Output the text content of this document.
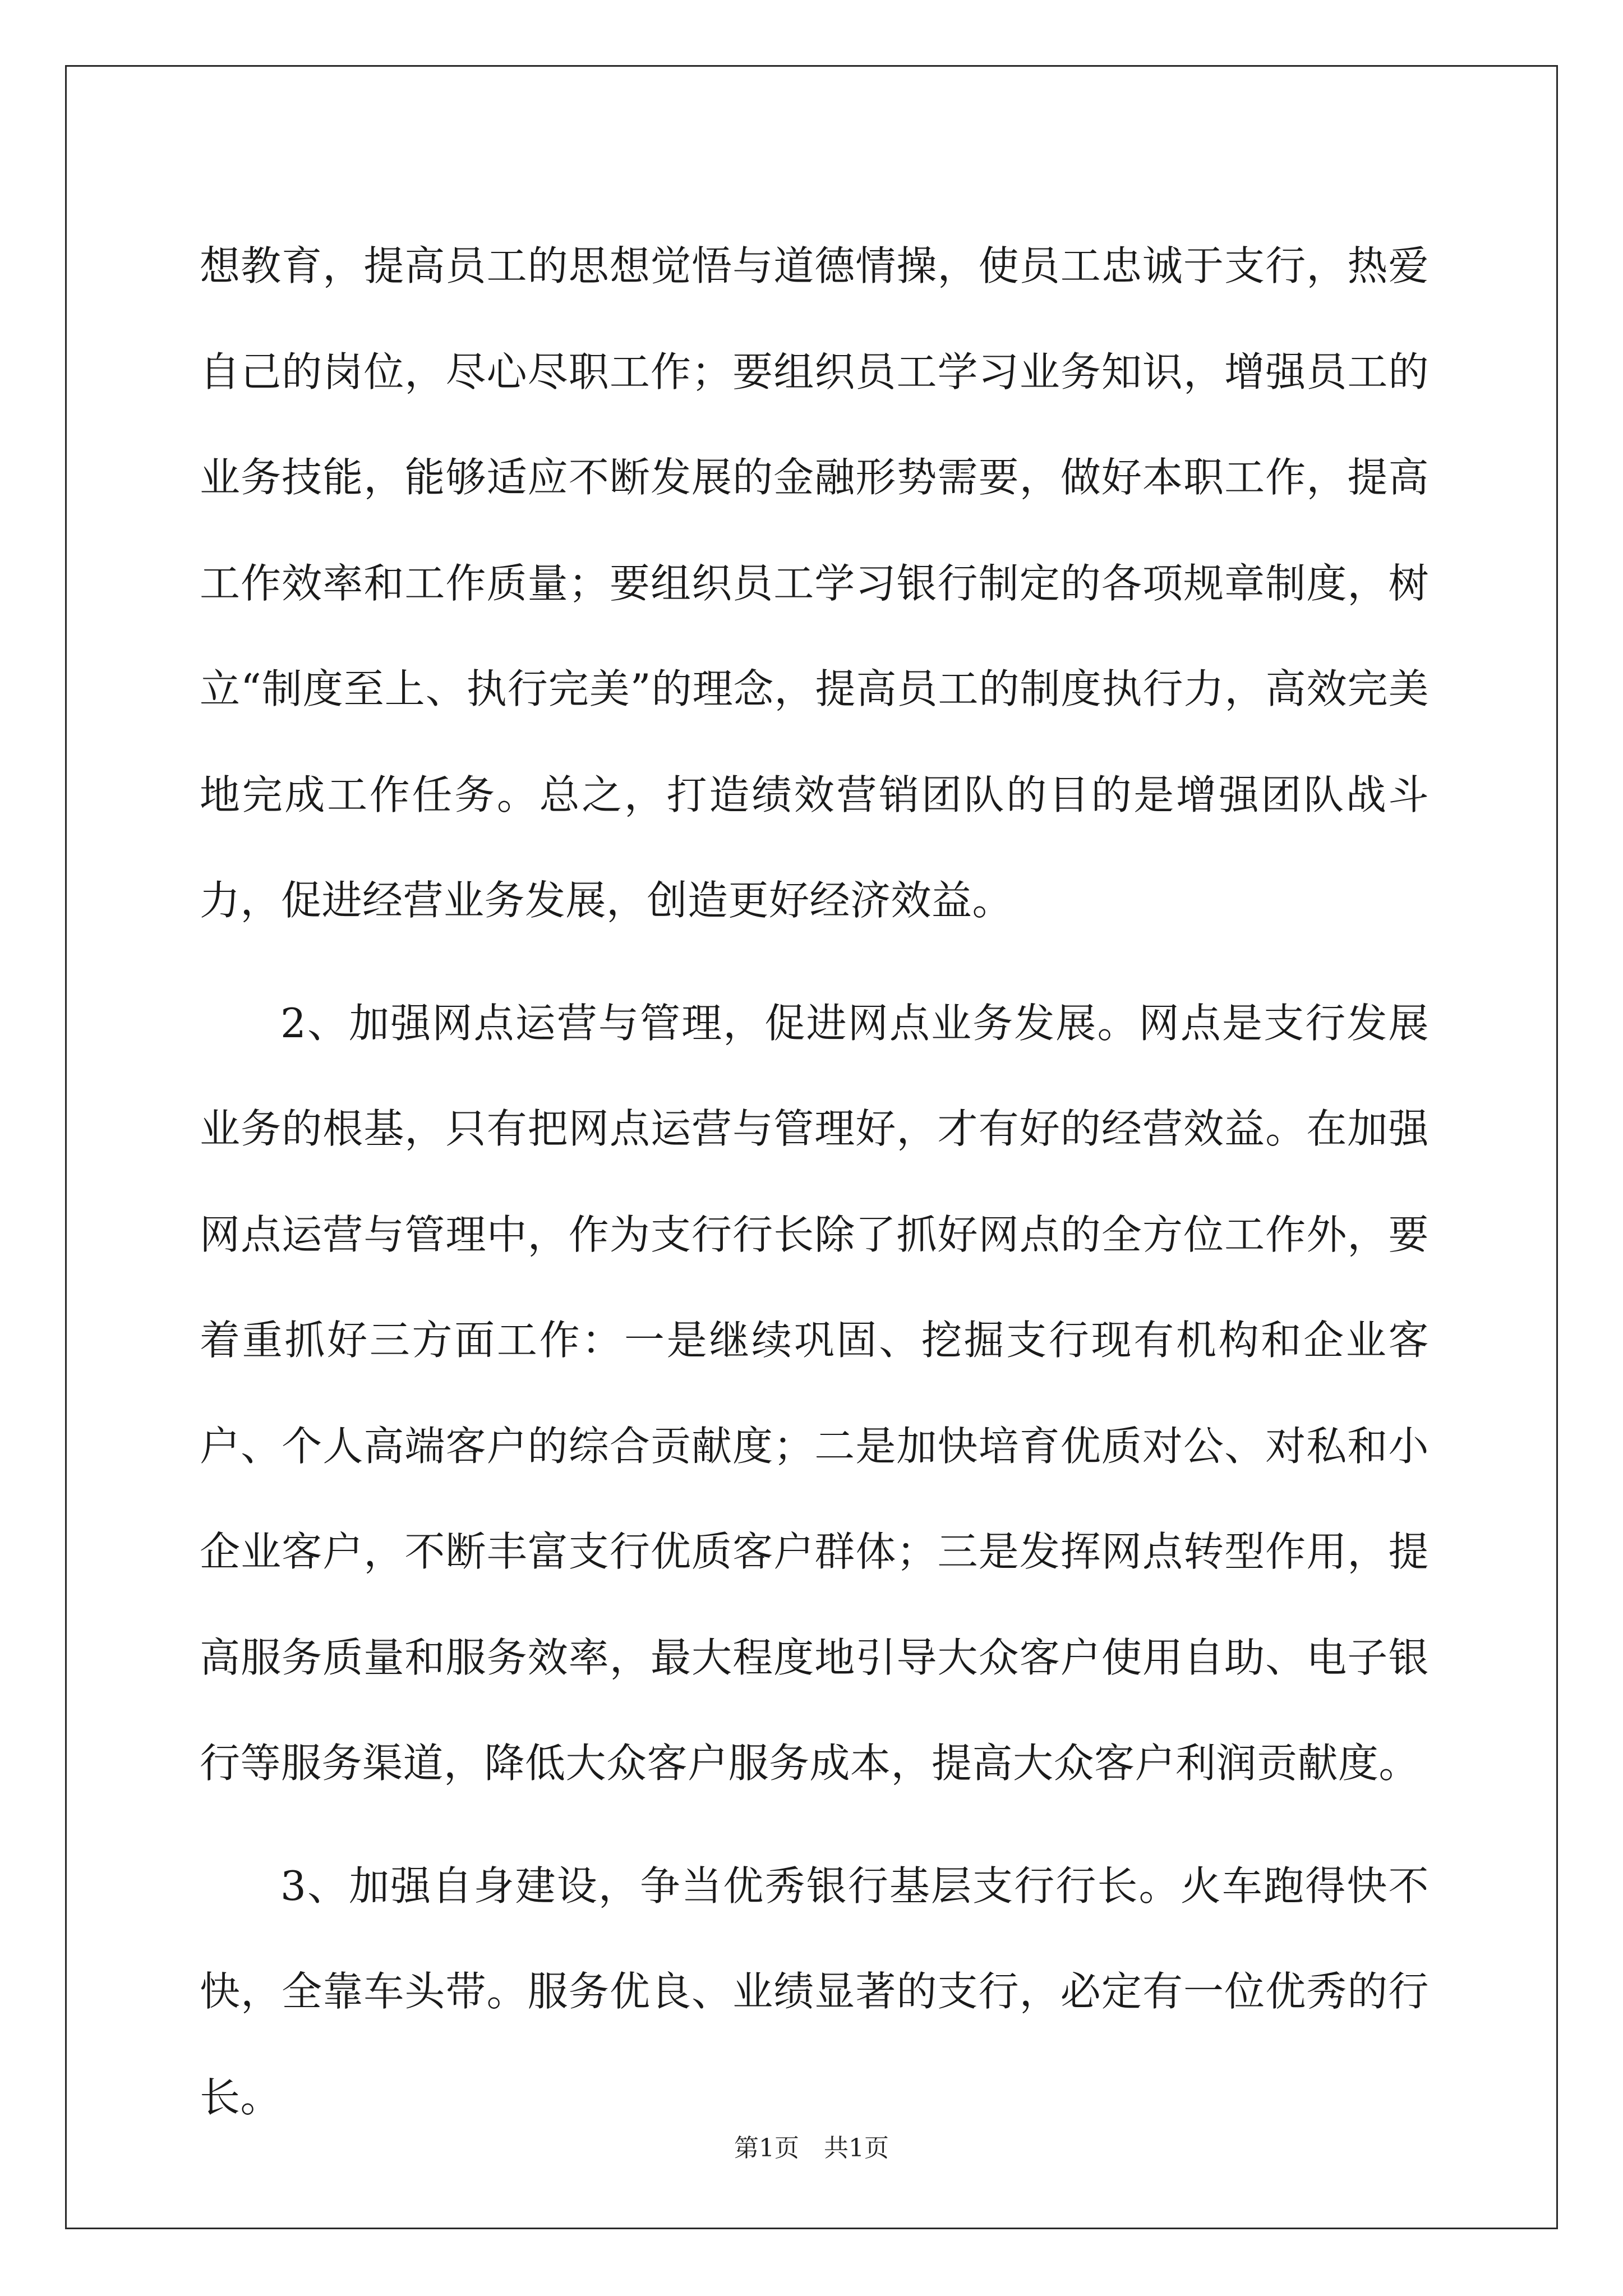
想教育，提高员工的思想觉悟与道德情操，使员工忠诚于支行，热爱自己的岗位，尽心尽职工作；要组织员工学习业务知识，增强员工的业务技能，能够适应不断发展的金融形势需要，做好本职工作，提高工作效率和工作质量；要组织员工学习银行制定的各项规章制度，树立“制度至上、执行完美”的理念，提高员工的制度执行力，高效完美地完成工作任务。总之，打造绩效营销团队的目的是增强团队战斗力，促进经营业务发展，创造更好经济效益。

2、加强网点运营与管理，促进网点业务发展。网点是支行发展业务的根基，只有把网点运营与管理好，才有好的经营效益。在加强网点运营与管理中，作为支行行长除了抓好网点的全方位工作外，要着重抓好三方面工作：一是继续巩固、挖掘支行现有机构和企业客户、个人高端客户的综合贡献度；二是加快培育优质对公、对私和小企业客户，不断丰富支行优质客户群体；三是发挥网点转型作用，提高服务质量和服务效率，最大程度地引导大众客户使用自助、电子银行等服务渠道，降低大众客户服务成本，提高大众客户利润贡献度。

3、加强自身建设，争当优秀银行基层支行行长。火车跑得快不快，全靠车头带。服务优良、业绩显著的支行，必定有一位优秀的行长。

第1页 共1页
